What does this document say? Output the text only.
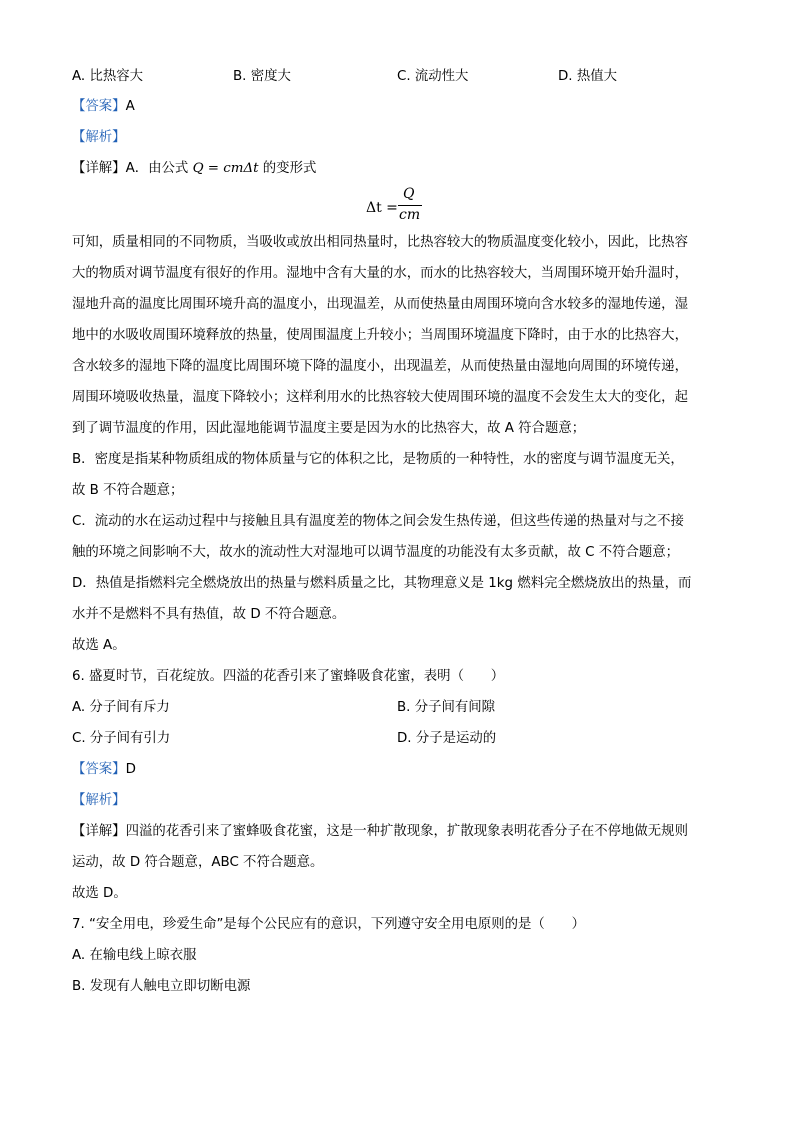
A. 比热容大	B. 密度大	C. 流动性大	D. 热值大
【答案】A
【解析】
【详解】A．由公式 Q = cmΔt 的变形式
Δt =
Q
cm
可知，质量相同的不同物质，当吸收或放出相同热量时，比热容较大的物质温度变化较小，因此，比热容
大的物质对调节温度有很好的作用。湿地中含有大量的水，而水的比热容较大，当周围环境开始升温时，
湿地升高的温度比周围环境升高的温度小，出现温差，从而使热量由周围环境向含水较多的湿地传递，湿
地中的水吸收周围环境释放的热量，使周围温度上升较小；当周围环境温度下降时，由于水的比热容大，
含水较多的湿地下降的温度比周围环境下降的温度小，出现温差，从而使热量由湿地向周围的环境传递，
周围环境吸收热量，温度下降较小；这样利用水的比热容较大使周围环境的温度不会发生太大的变化，起
到了调节温度的作用，因此湿地能调节温度主要是因为水的比热容大，故 A 符合题意；
B．密度是指某种物质组成的物体质量与它的体积之比，是物质的一种特性，水的密度与调节温度无关，
故 B 不符合题意；
C．流动的水在运动过程中与接触且具有温度差的物体之间会发生热传递，但这些传递的热量对与之不接
触的环境之间影响不大，故水的流动性大对湿地可以调节温度的功能没有太多贡献，故 C 不符合题意；
D．热值是指燃料完全燃烧放出的热量与燃料质量之比，其物理意义是 1kg 燃料完全燃烧放出的热量，而
水并不是燃料不具有热值，故 D 不符合题意。
故选 A。
6. 盛夏时节，百花绽放。四溢的花香引来了蜜蜂吸食花蜜，表明（　　）
A. 分子间有斥力	B. 分子间有间隙
C. 分子间有引力	D. 分子是运动的
【答案】D
【解析】
【详解】四溢的花香引来了蜜蜂吸食花蜜，这是一种扩散现象，扩散现象表明花香分子在不停地做无规则
运动，故 D 符合题意，ABC 不符合题意。
故选 D。
7. “安全用电，珍爱生命”是每个公民应有的意识，下列遵守安全用电原则的是（　　）
A. 在输电线上晾衣服
B. 发现有人触电立即切断电源
